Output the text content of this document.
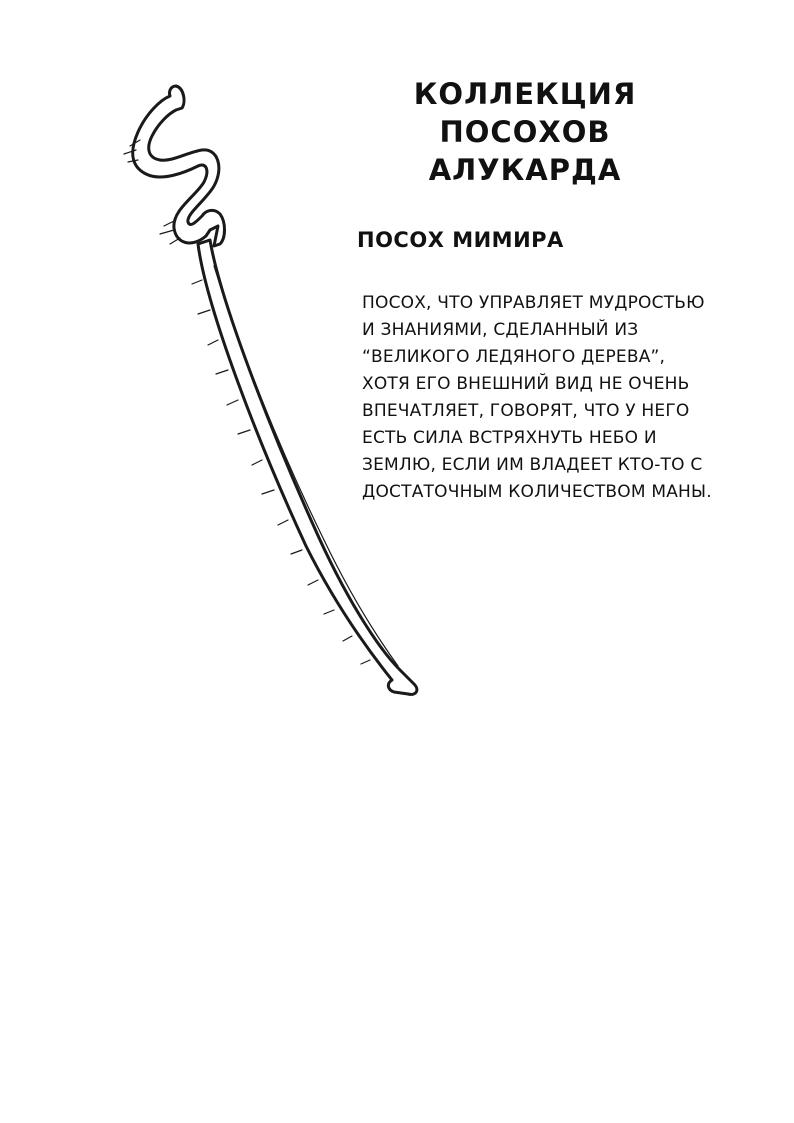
КОЛЛЕКЦИЯ
ПОСОХОВ
АЛУКАРДА
ПОСОХ МИМИРА
ПОСОХ, ЧТО УПРАВЛЯЕТ МУДРОСТЬЮ
И ЗНАНИЯМИ, СДЕЛАННЫЙ ИЗ
“ВЕЛИКОГО ЛЕДЯНОГО ДЕРЕВА”,
ХОТЯ ЕГО ВНЕШНИЙ ВИД НЕ ОЧЕНЬ
ВПЕЧАТЛЯЕТ, ГОВОРЯТ, ЧТО У НЕГО
ЕСТЬ СИЛА ВСТРЯХНУТЬ НЕБО И
ЗЕМЛЮ, ЕСЛИ ИМ ВЛАДЕЕТ КТО-ТО С
ДОСТАТОЧНЫМ КОЛИЧЕСТВОМ МАНЫ.
